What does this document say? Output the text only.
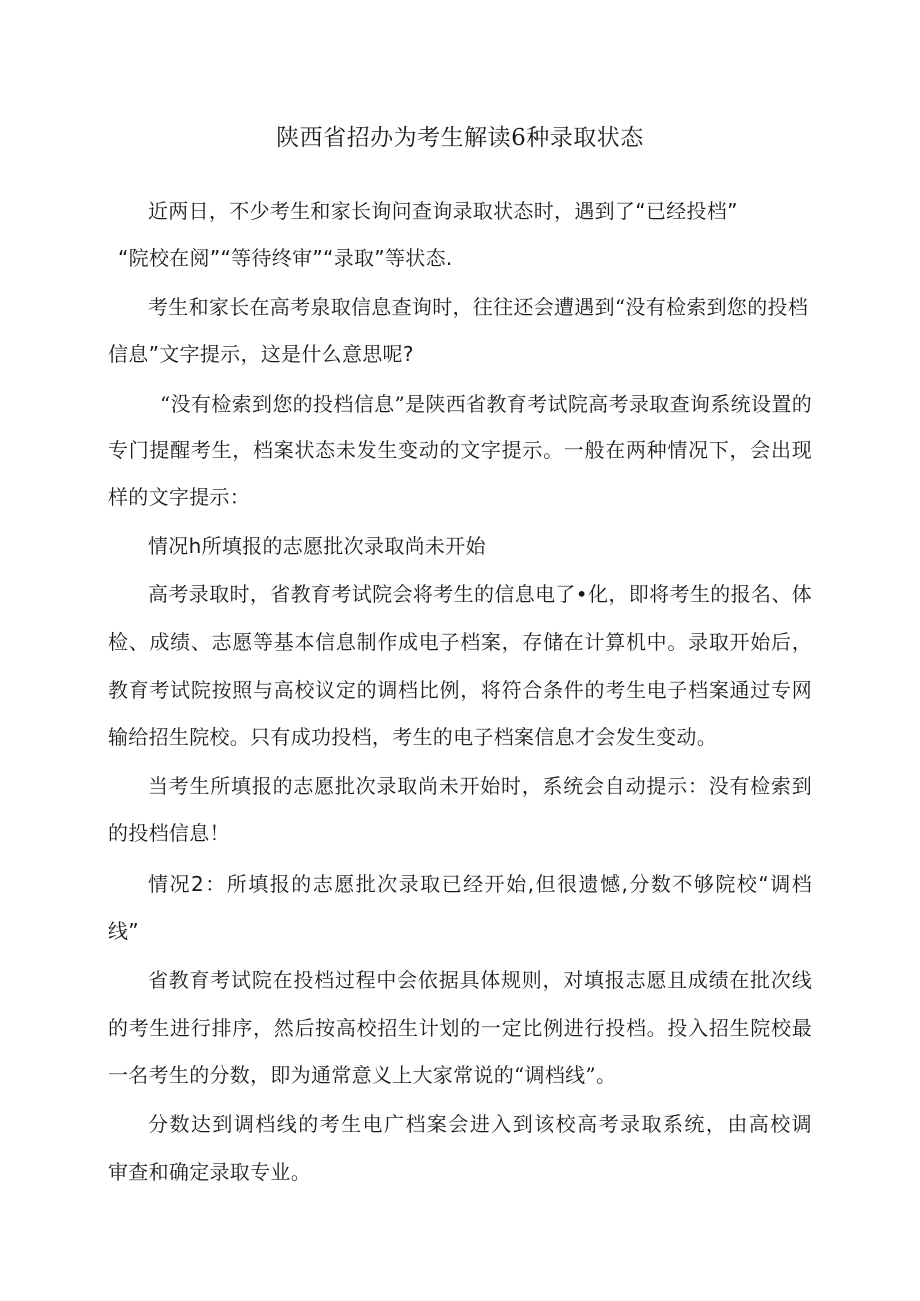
陕西省招办为考生解读6种录取状态
近两日，不少考生和家长询问查询录取状态时，遇到了“已经投档”
“院校在阅”“等待终审”“录取”等状态.
考生和家长在高考泉取信息查询时，往往还会遭遇到“没有检索到您的投档
信息”文字提示，这是什么意思呢?
“没有检索到您的投档信息”是陕西省教育考试院高考录取查询系统设置的
专门提醒考生，档案状态未发生变动的文字提示。一般在两种情况下，会出现
样的文字提示：
情况h所填报的志愿批次录取尚未开始
高考录取时，省教育考试院会将考生的信息电了•化，即将考生的报名、体
检、成绩、志愿等基本信息制作成电子档案，存储在计算机中。录取开始后，
教育考试院按照与高校议定的调档比例，将符合条件的考生电子档案通过专网
输给招生院校。只有成功投档，考生的电子档案信息才会发生变动。
当考生所填报的志愿批次录取尚未开始时，系统会自动提示：没有检索到
的投档信息！
情况2：所填报的志愿批次录取已经开始,但很遗憾,分数不够院校“调档
线”
省教育考试院在投档过程中会依据具体规则，对填报志愿且成绩在批次线
的考生进行排序，然后按高校招生计划的一定比例进行投档。投入招生院校最
一名考生的分数，即为通常意义上大家常说的“调档线”。
分数达到调档线的考生电广档案会进入到该校高考录取系统，由高校调
审查和确定录取专业。
